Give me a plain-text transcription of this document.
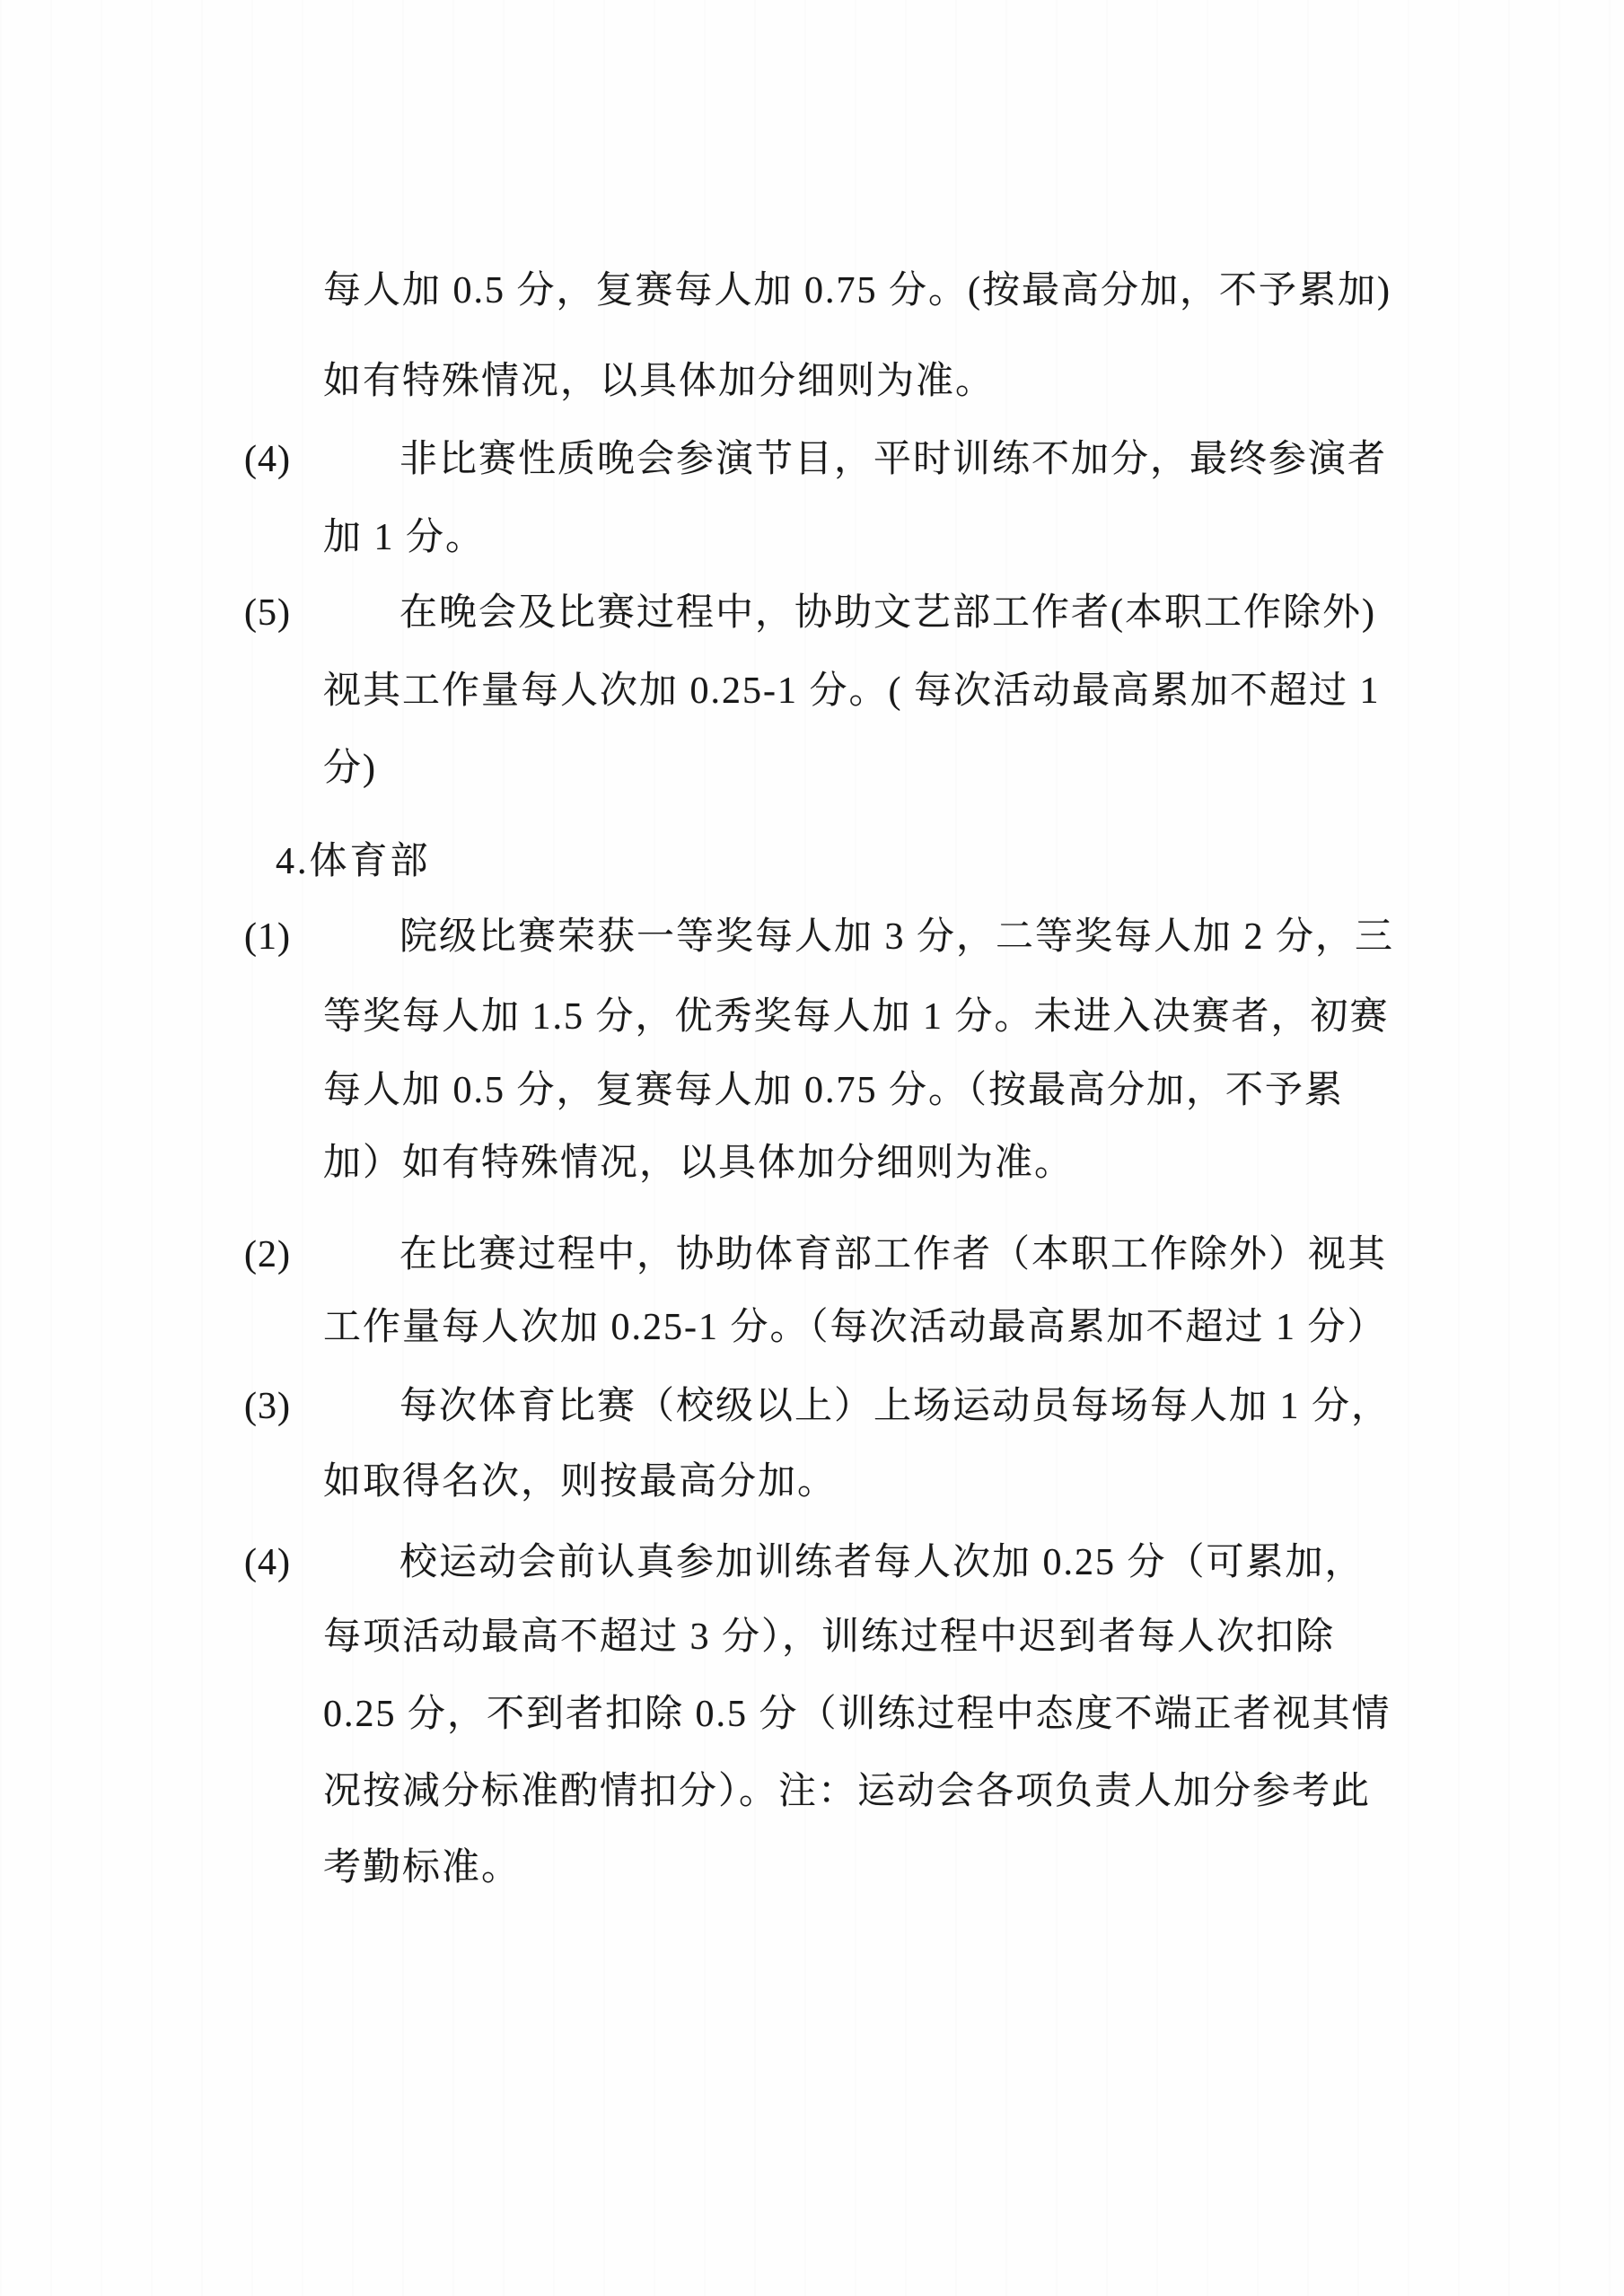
每人加 0.5 分，复赛每人加 0.75 分。(按最高分加，不予累加)
如有特殊情况，以具体加分细则为准。
(4)	非比赛性质晚会参演节目，平时训练不加分，最终参演者
加 1 分。
(5)	在晚会及比赛过程中，协助文艺部工作者(本职工作除外)
视其工作量每人次加 0.25-1 分。( 每次活动最高累加不超过 1
分)
4.体育部
(1)	院级比赛荣获一等奖每人加 3 分，二等奖每人加 2 分，三
等奖每人加 1.5 分，优秀奖每人加 1 分。未进入决赛者，初赛
每人加 0.5 分，复赛每人加 0.75 分。（按最高分加，不予累
加）如有特殊情况，以具体加分细则为准。
(2)	在比赛过程中，协助体育部工作者（本职工作除外）视其
工作量每人次加 0.25-1 分。（每次活动最高累加不超过 1 分）
(3)	每次体育比赛（校级以上）上场运动员每场每人加 1 分，
如取得名次，则按最高分加。
(4)	校运动会前认真参加训练者每人次加 0.25 分（可累加，
每项活动最高不超过 3 分），训练过程中迟到者每人次扣除
0.25 分，不到者扣除 0.5 分（训练过程中态度不端正者视其情
况按减分标准酌情扣分）。注：运动会各项负责人加分参考此
考勤标准。
